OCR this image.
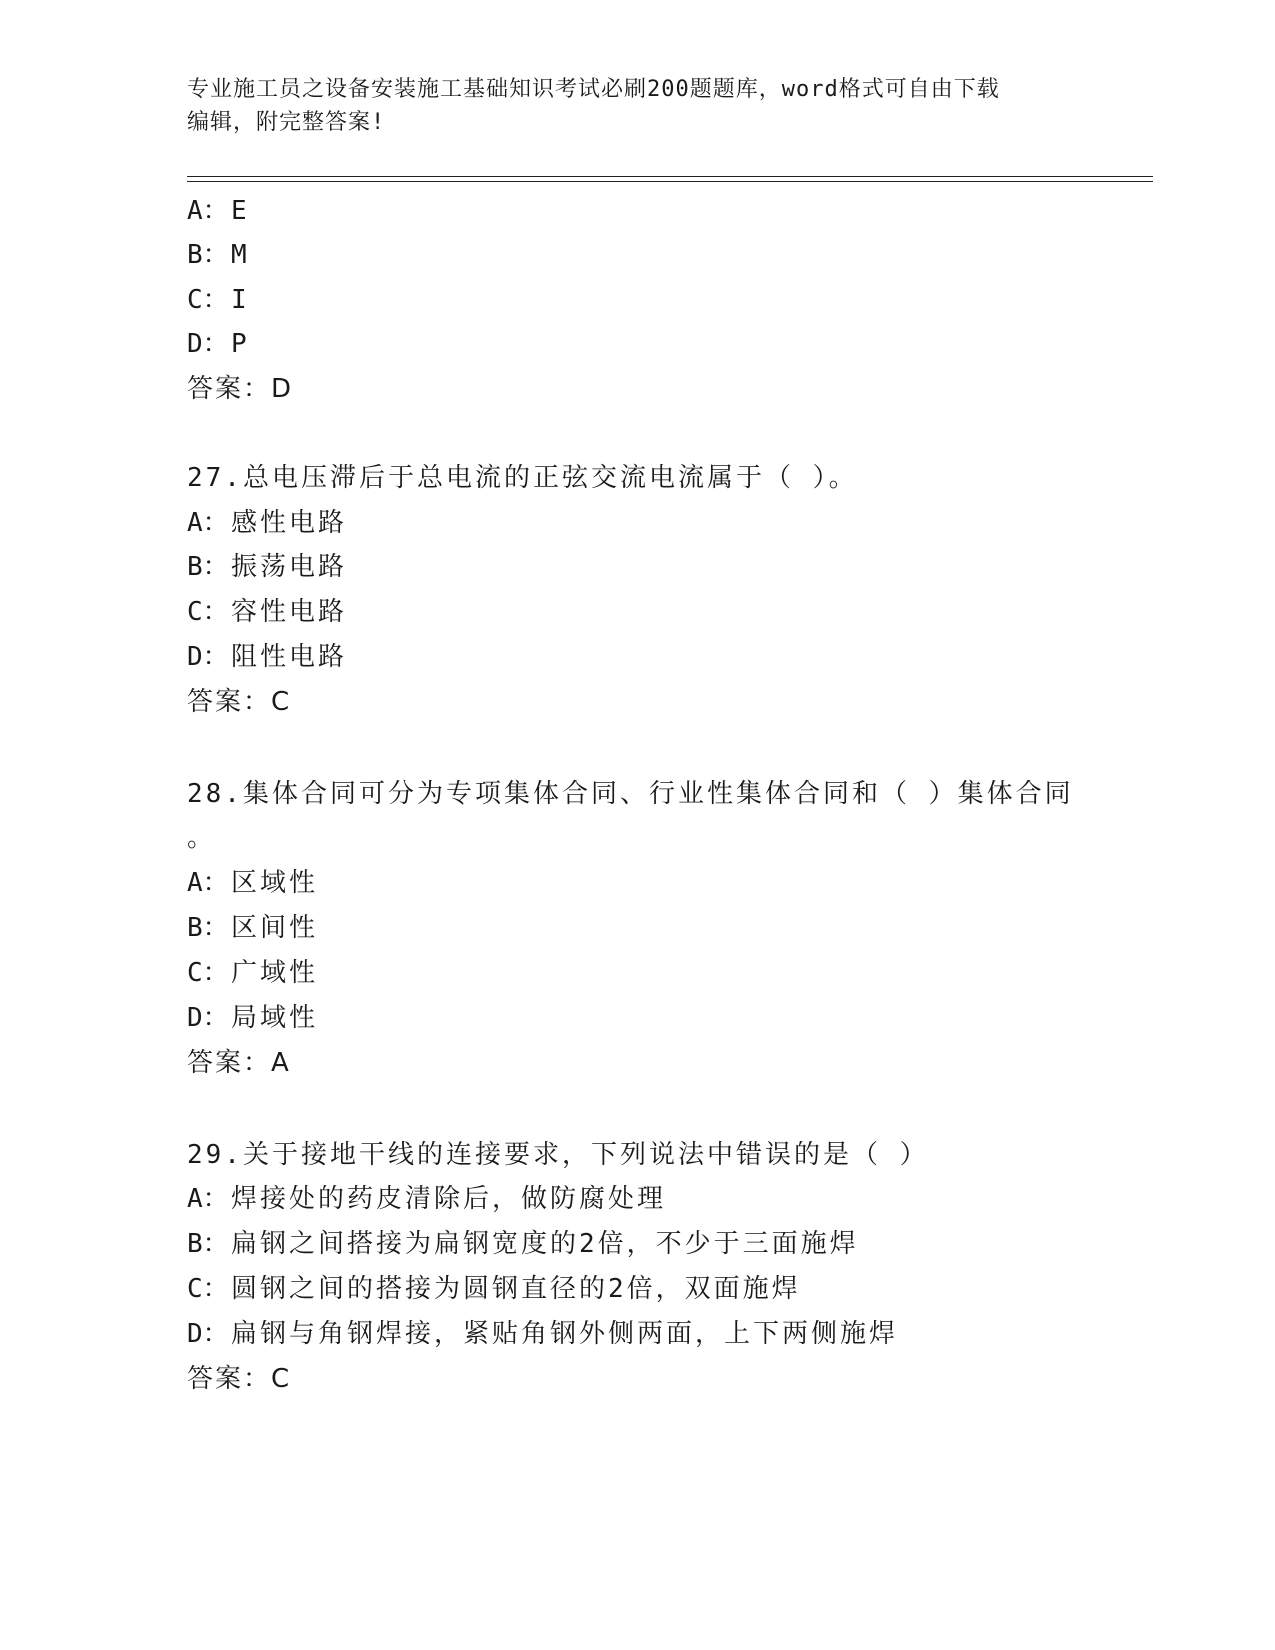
专业施工员之设备安装施工基础知识考试必刷200题题库，word格式可自由下载
编辑，附完整答案!
A：E
B：M
C：I
D：P
答案：D
27.总电压滞后于总电流的正弦交流电流属于（ ）。
A：感性电路
B：振荡电路
C：容性电路
D：阻性电路
答案：C
28.集体合同可分为专项集体合同、行业性集体合同和（ ）集体合同
。
A：区域性
B：区间性
C：广域性
D：局域性
答案：A
29.关于接地干线的连接要求，下列说法中错误的是（ ）
A：焊接处的药皮清除后，做防腐处理
B：扁钢之间搭接为扁钢宽度的2倍，不少于三面施焊
C：圆钢之间的搭接为圆钢直径的2倍，双面施焊
D：扁钢与角钢焊接，紧贴角钢外侧两面，上下两侧施焊
答案：C
